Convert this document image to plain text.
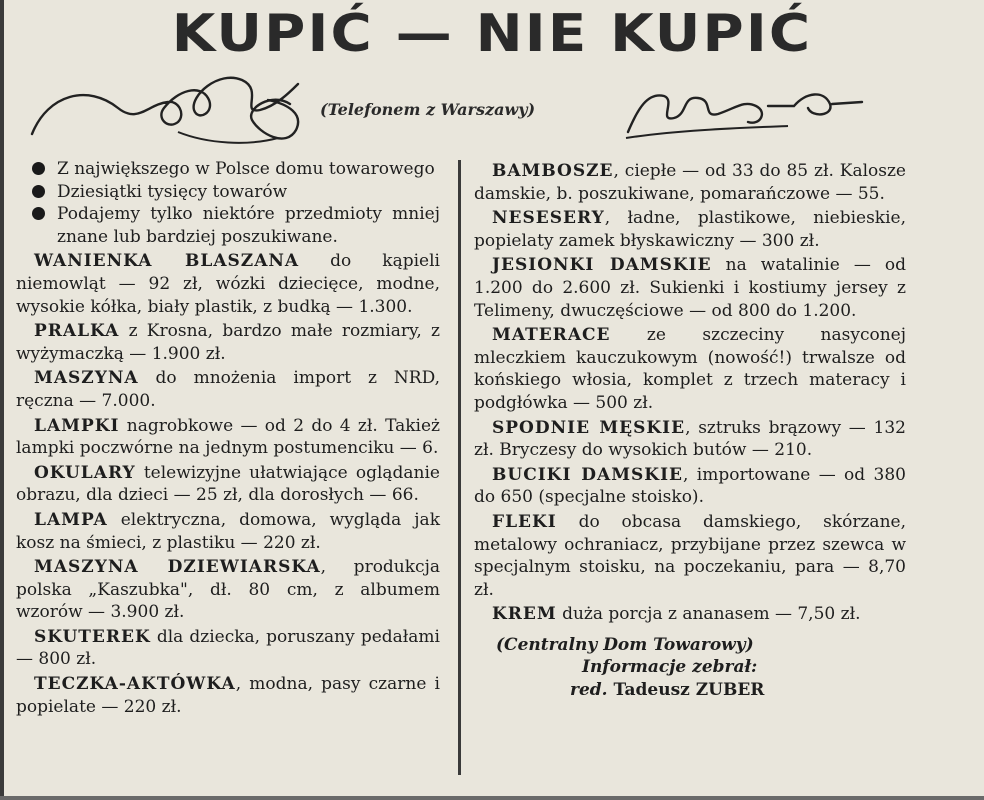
KUPIĆ — NIE KUPIĆ
(Telefonem z Warszawy)

Z największego w Polsce domu towarowego

Dziesiątki tysięcy towarów

Podajemy tylko niektóre przedmioty mniej znane lub bardziej poszukiwane.

WANIENKA BLASZANA do kąpieli niemowląt — 92 zł, wózki dziecięce, modne, wysokie kółka, biały plastik, z budką — 1.300.

PRALKA z Krosna, bardzo małe rozmiary, z wyżymaczką — 1.900 zł.

MASZYNA do mnożenia import z NRD, ręczna — 7.000.

LAMPKI nagrobkowe — od 2 do 4 zł. Takież lampki poczwórne na jednym postumenciku — 6.

OKULARY telewizyjne ułatwiające oglądanie obrazu, dla dzieci — 25 zł, dla dorosłych — 66.

LAMPA elektryczna, domowa, wygląda jak kosz na śmieci, z plastiku — 220 zł.

MASZYNA DZIEWIARSKA, produkcja polska „Kaszubka", dł. 80 cm, z albumem wzorów — 3.900 zł.

SKUTEREK dla dziecka, poruszany pedałami — 800 zł.

TECZKA-AKTÓWKA, modna, pasy czarne i popielate — 220 zł.

BAMBOSZE, ciepłe — od 33 do 85 zł. Kalosze damskie, b. poszukiwane, pomarańczowe — 55.

NESESERY, ładne, plastikowe, niebieskie, popielaty zamek błyskawiczny — 300 zł.

JESIONKI DAMSKIE na watalinie — od 1.200 do 2.600 zł. Sukienki i kostiumy jersey z Telimeny, dwuczęściowe — od 800 do 1.200.

MATERACE ze szczeciny nasyconej mleczkiem kauczukowym (nowość!) trwalsze od końskiego włosia, komplet z trzech materacy i podgłówka — 500 zł.

SPODNIE MĘSKIE, sztruks brązowy — 132 zł. Bryczesy do wysokich butów — 210.

BUCIKI DAMSKIE, importowane — od 380 do 650 (specjalne stoisko).

FLEKI do obcasa damskiego, skórzane, metalowy ochraniacz, przybijane przez szewca w specjalnym stoisku, na poczekaniu, para — 8,70 zł.

KREM duża porcja z ananasem — 7,50 zł.

(Centralny Dom Towarowy)
Informacje zebrał:
red. Tadeusz ZUBER
